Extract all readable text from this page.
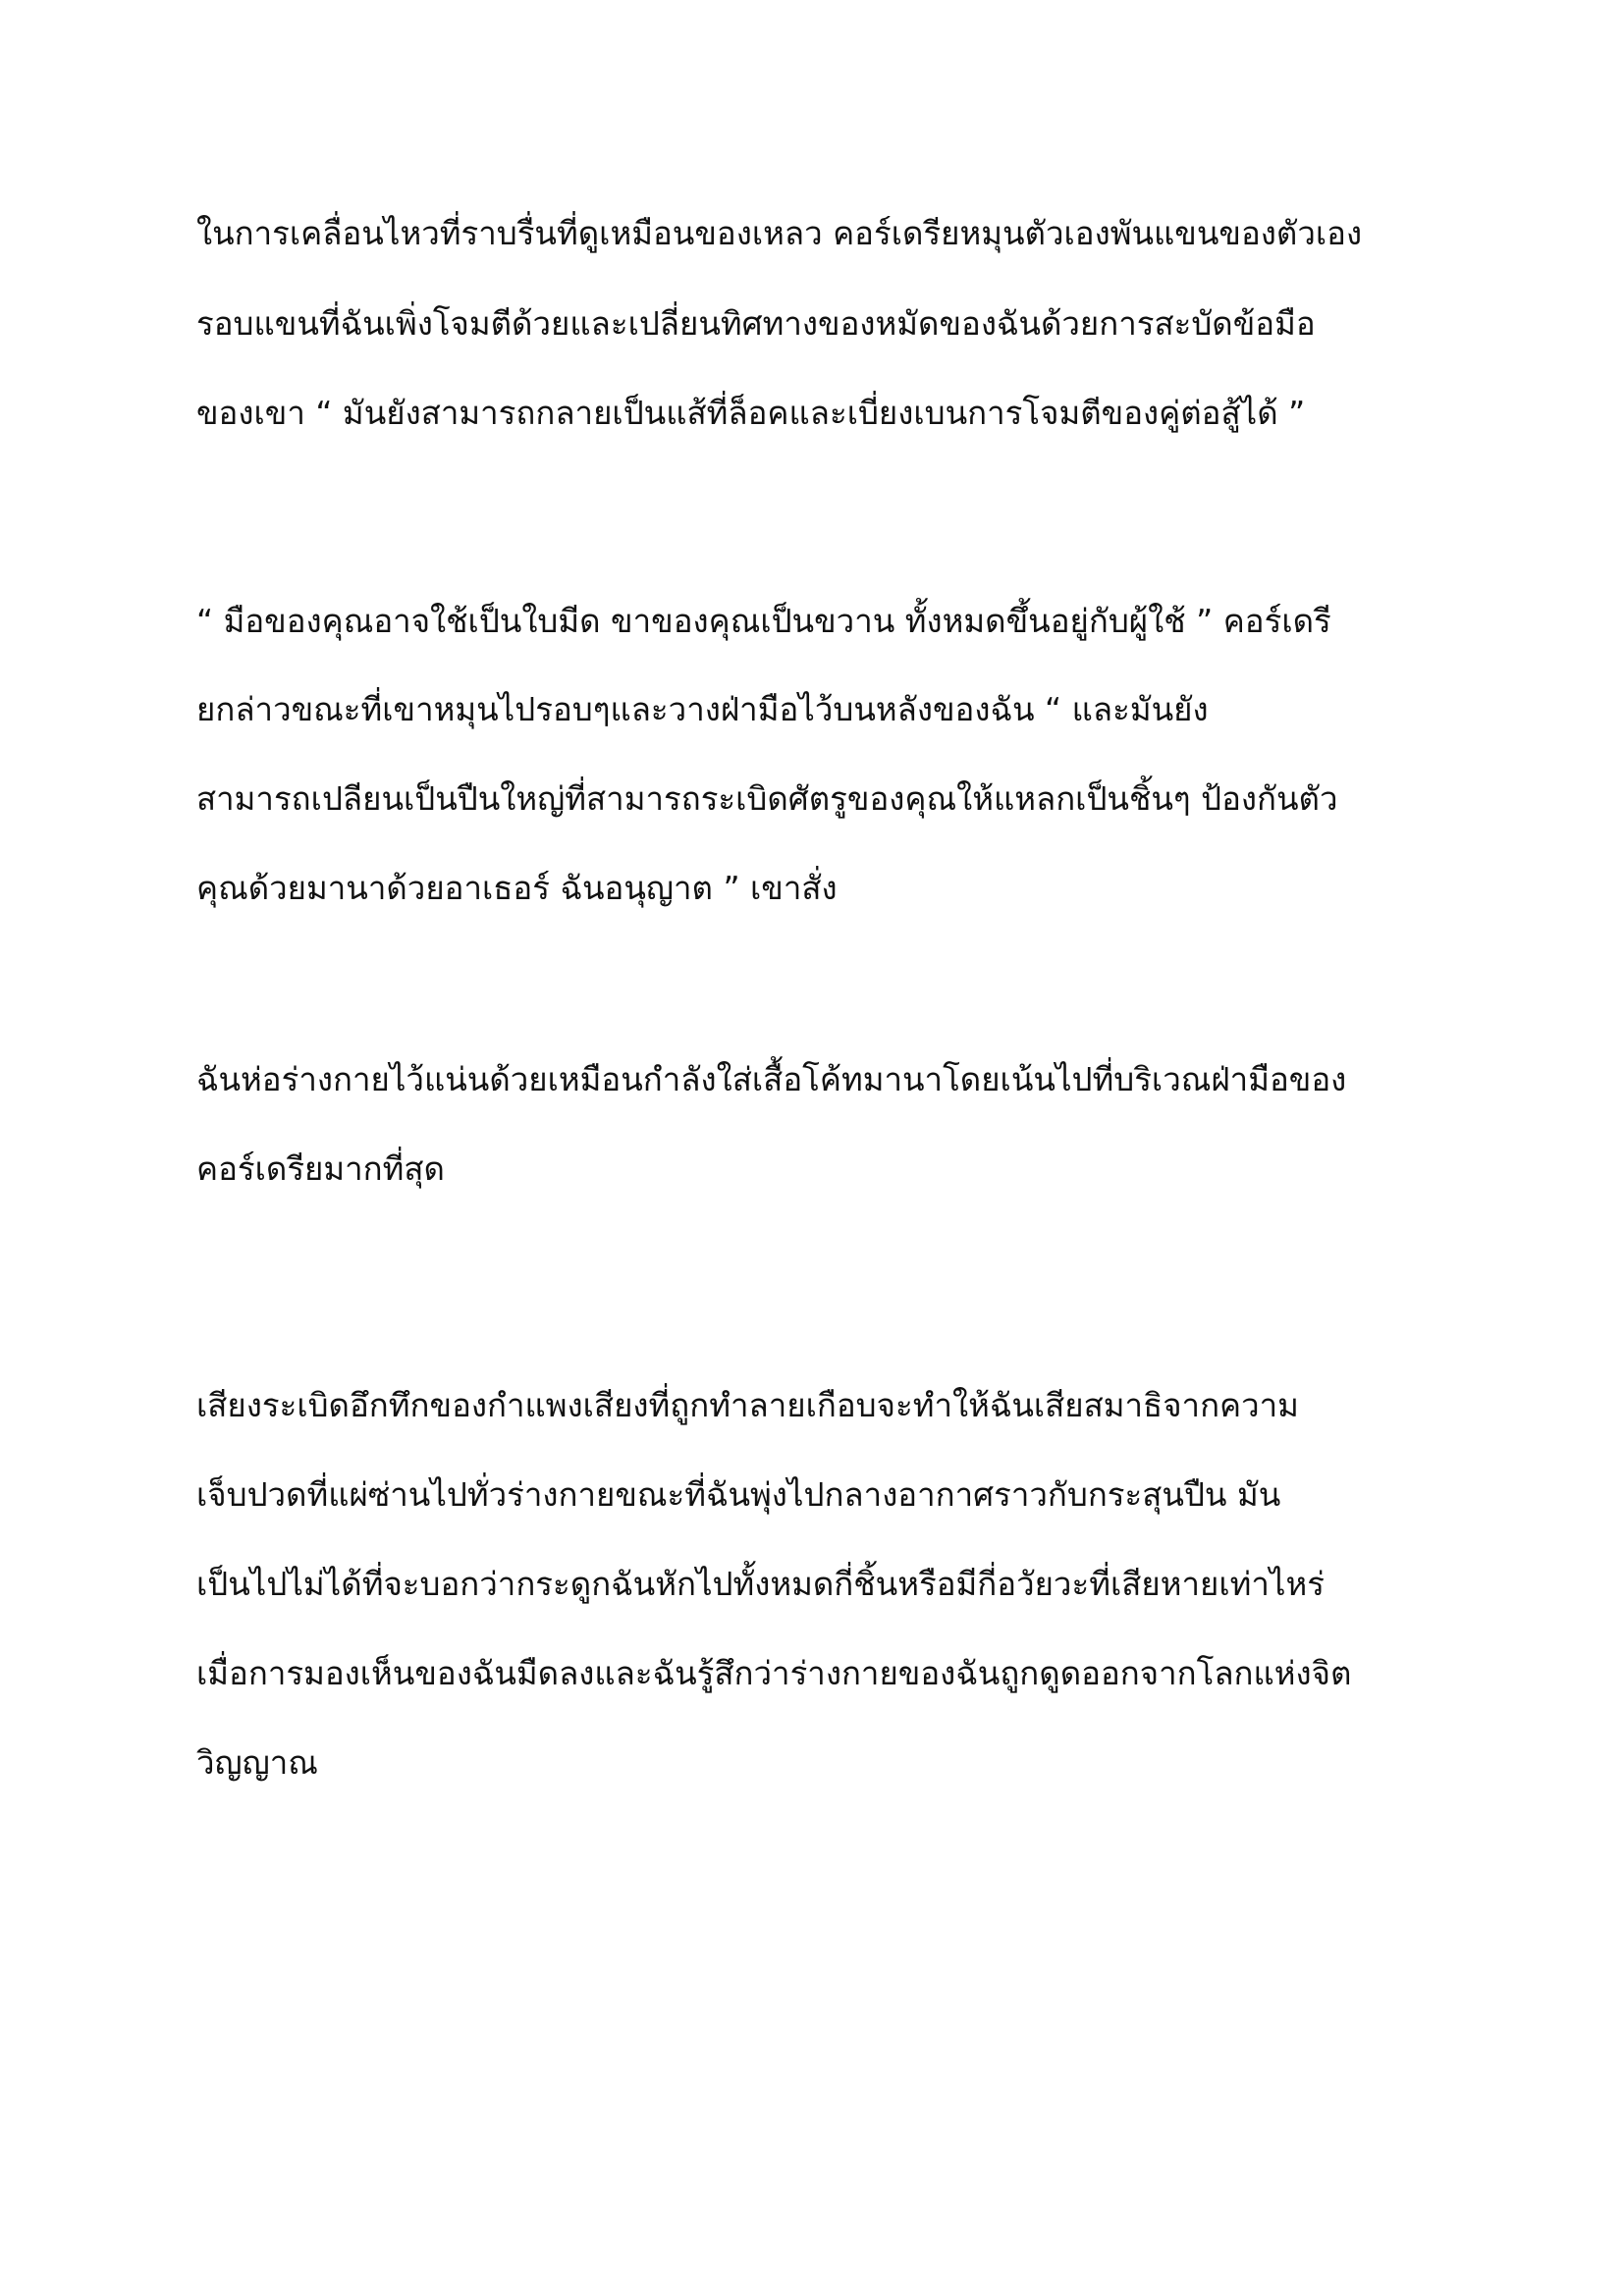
ในการเคลื่อนไหวที่ราบรื่นที่ดูเหมือนของเหลว คอร์เดรียหมุนตัวเองพันแขนของตัวเอง
รอบแขนที่ฉันเพิ่งโจมตีด้วยและเปลี่ยนทิศทางของหมัดของฉันด้วยการสะบัดข้อมือ
ของเขา “ มันยังสามารถกลายเป็นแส้ที่ล็อคและเบี่ยงเบนการโจมตีของคู่ต่อสู้ได้ ”
“ มือของคุณอาจใช้เป็นใบมีด ขาของคุณเป็นขวาน ทั้งหมดขึ้นอยู่กับผู้ใช้ ” คอร์เดรี
ยกล่าวขณะที่เขาหมุนไปรอบๆและวางฝ่ามือไว้บนหลังของฉัน “ และมันยัง
สามารถเปลียนเป็นปืนใหญ่ที่สามารถระเบิดศัตรูของคุณให้แหลกเป็นชิ้นๆ ป้องกันตัว
คุณด้วยมานาด้วยอาเธอร์ ฉันอนุญาต ” เขาสั่ง
ฉันห่อร่างกายไว้แน่นด้วยเหมือนกำลังใส่เสื้อโค้ทมานาโดยเน้นไปที่บริเวณฝ่ามือของ
คอร์เดรียมากที่สุด
เสียงระเบิดอึกทึกของกำแพงเสียงที่ถูกทำลายเกือบจะทำให้ฉันเสียสมาธิจากความ
เจ็บปวดที่แผ่ซ่านไปทั่วร่างกายขณะที่ฉันพุ่งไปกลางอากาศราวกับกระสุนปืน มัน
เป็นไปไม่ได้ที่จะบอกว่ากระดูกฉันหักไปทั้งหมดกี่ชิ้นหรือมีกี่อวัยวะที่เสียหายเท่าไหร่
เมื่อการมองเห็นของฉันมืดลงและฉันรู้สึกว่าร่างกายของฉันถูกดูดออกจากโลกแห่งจิต
วิญญาณ
